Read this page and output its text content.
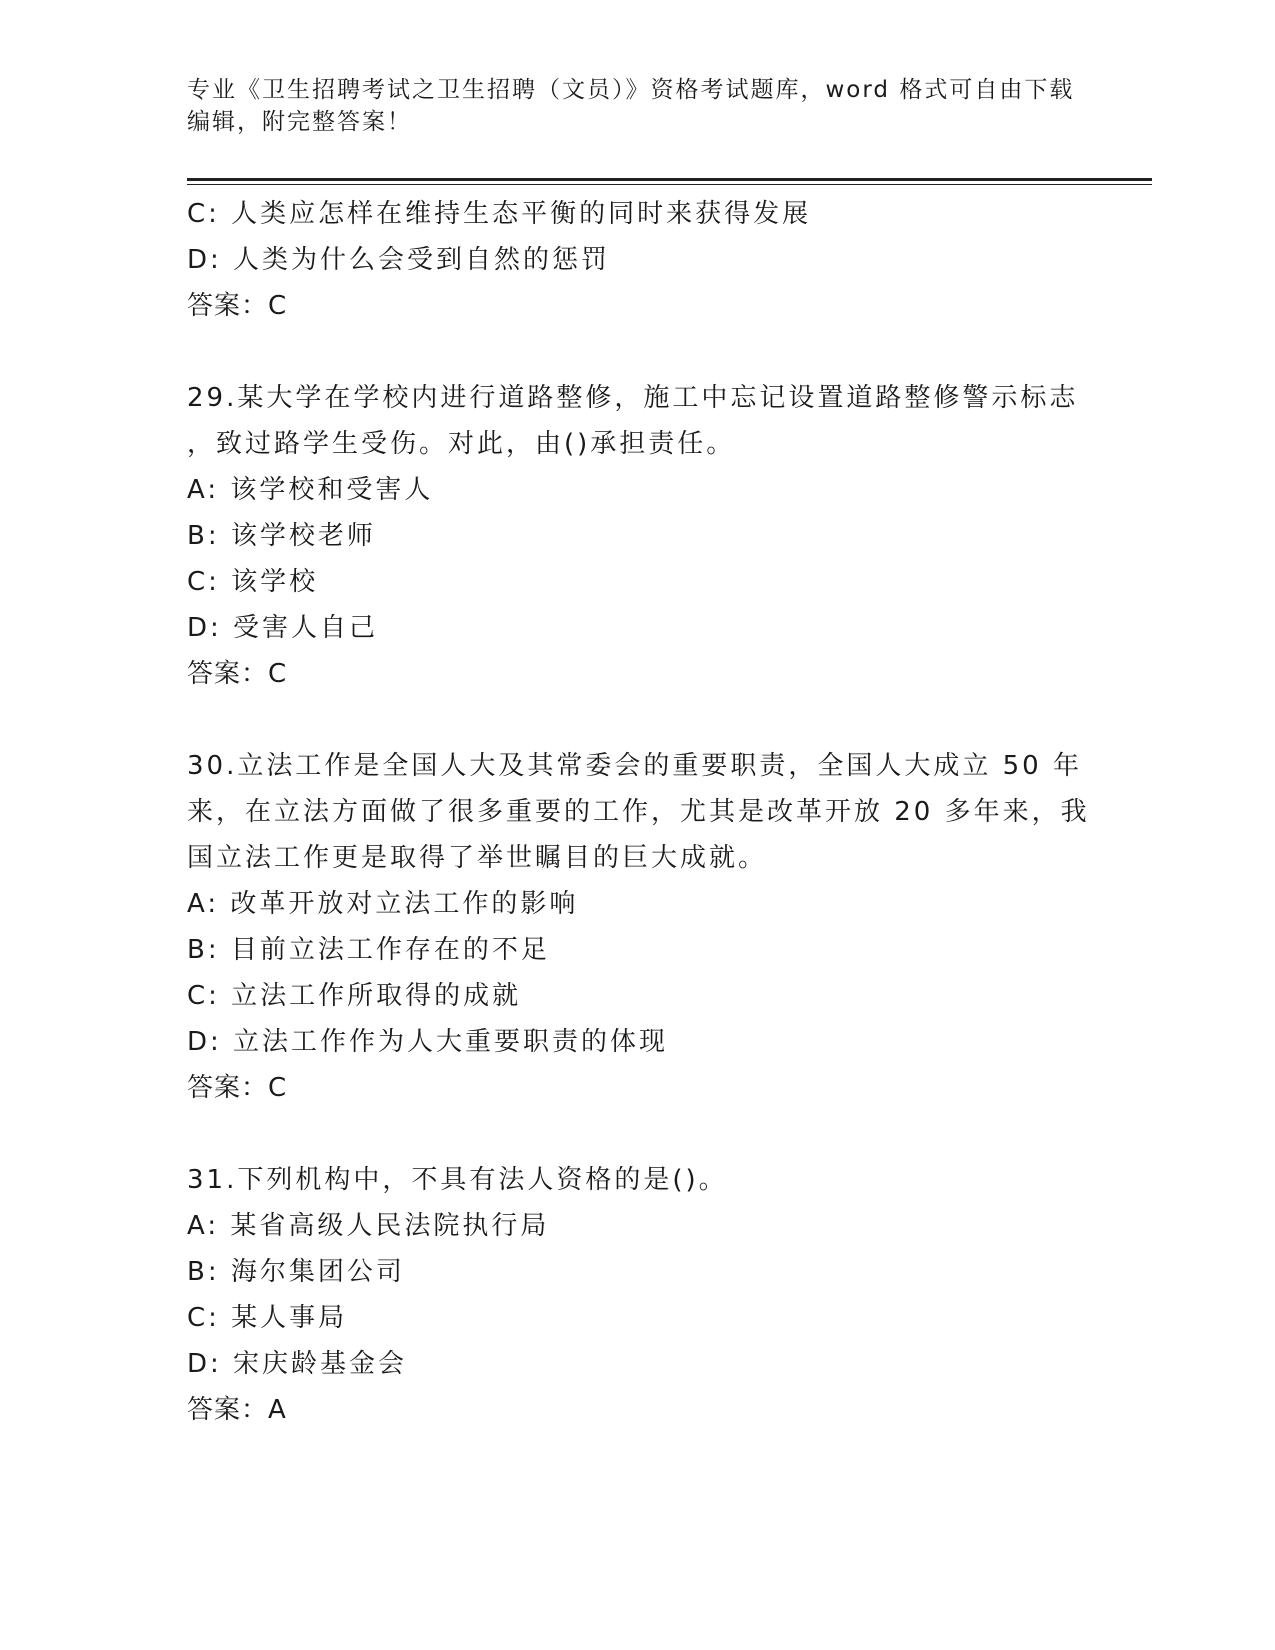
专业《卫生招聘考试之卫生招聘（文员）》资格考试题库，word 格式可自由下载
编辑，附完整答案！
C: 人类应怎样在维持生态平衡的同时来获得发展
D: 人类为什么会受到自然的惩罚
答案：C
29.某大学在学校内进行道路整修，施工中忘记设置道路整修警示标志
，致过路学生受伤。对此，由()承担责任。
A: 该学校和受害人
B: 该学校老师
C: 该学校
D: 受害人自己
答案：C
30.立法工作是全国人大及其常委会的重要职责，全国人大成立 50 年
来，在立法方面做了很多重要的工作，尤其是改革开放 20 多年来，我
国立法工作更是取得了举世瞩目的巨大成就。
A: 改革开放对立法工作的影响
B: 目前立法工作存在的不足
C: 立法工作所取得的成就
D: 立法工作作为人大重要职责的体现
答案：C
31.下列机构中，不具有法人资格的是()。
A: 某省高级人民法院执行局
B: 海尔集团公司
C: 某人事局
D: 宋庆龄基金会
答案：A
